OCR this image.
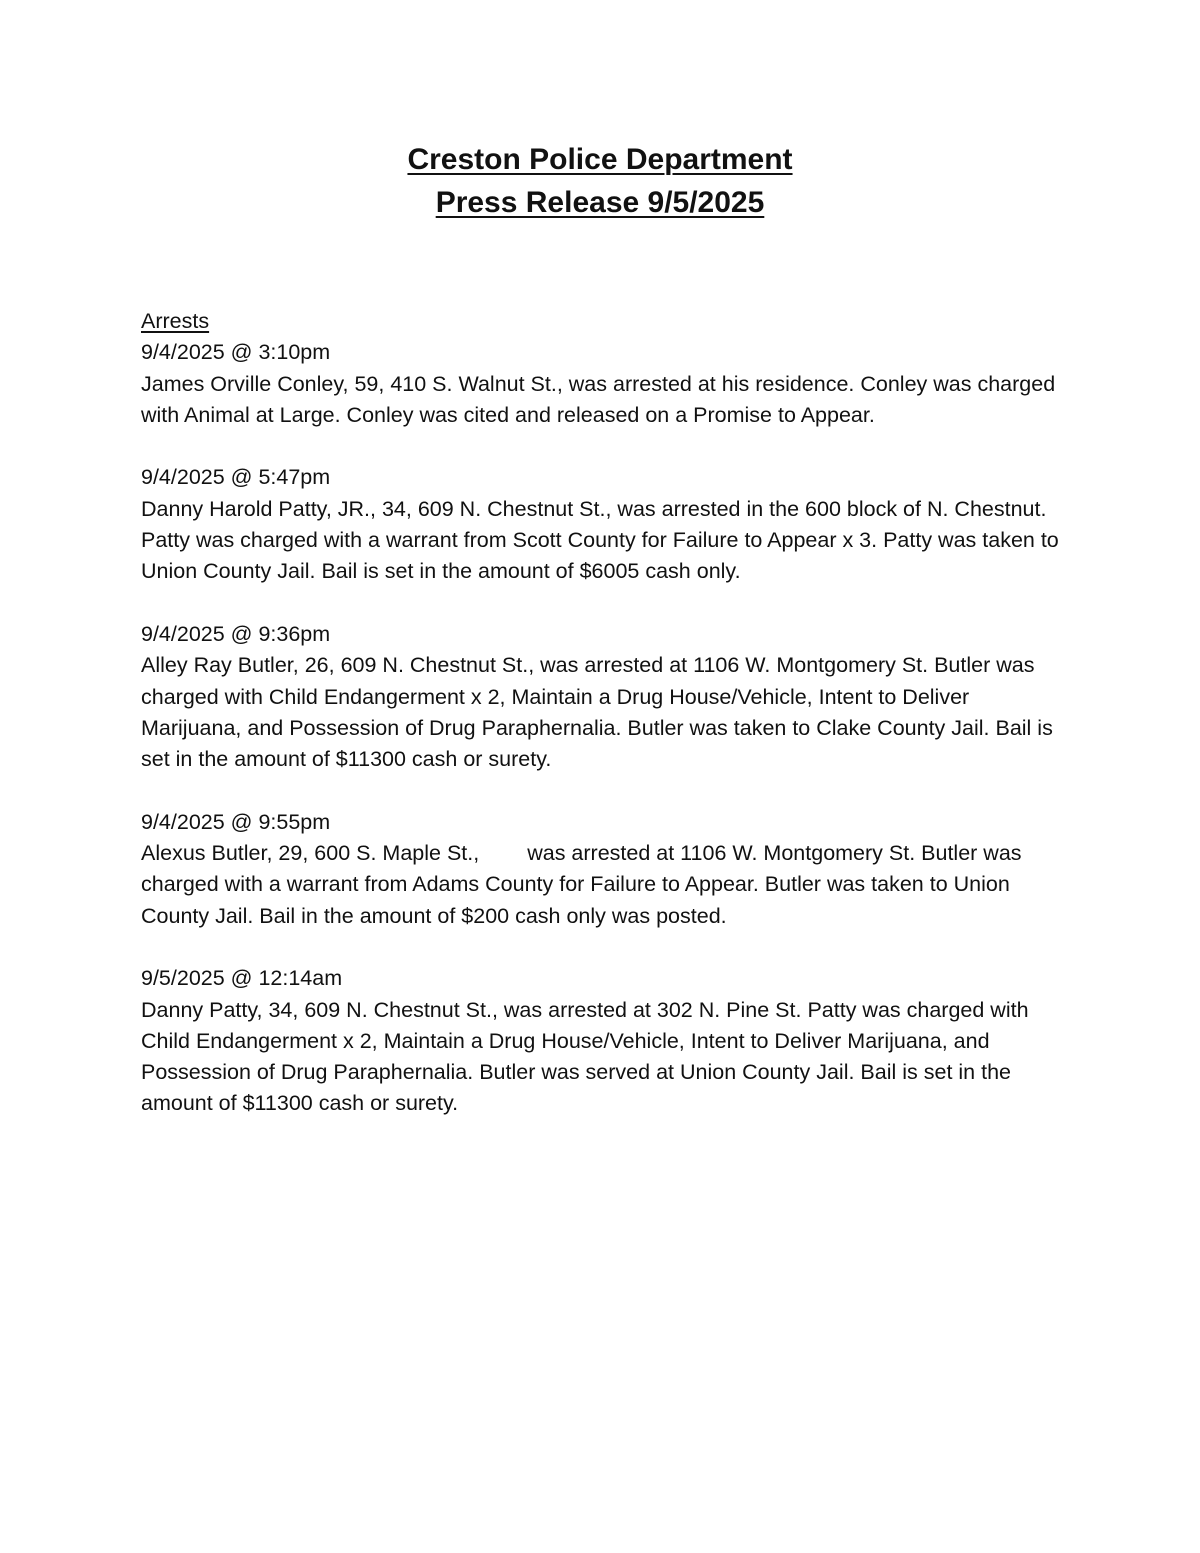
Creston Police Department
Press Release 9/5/2025
Arrests

9/4/2025 @ 3:10pm

James Orville Conley, 59, 410 S. Walnut St., was arrested at his residence. Conley was charged with Animal at Large. Conley was cited and released on a Promise to Appear.

9/4/2025 @ 5:47pm

Danny Harold Patty, JR., 34, 609 N. Chestnut St., was arrested in the 600 block of N. Chestnut. Patty was charged with a warrant from Scott County for Failure to Appear x 3. Patty was taken to Union County Jail. Bail is set in the amount of $6005 cash only.

9/4/2025 @ 9:36pm

Alley Ray Butler, 26, 609 N. Chestnut St., was arrested at 1106 W. Montgomery St. Butler was charged with Child Endangerment x 2, Maintain a Drug House/Vehicle, Intent to Deliver Marijuana, and Possession of Drug Paraphernalia. Butler was taken to Clake County Jail. Bail is set in the amount of $11300 cash or surety.

9/4/2025 @ 9:55pm

Alexus Butler, 29, 600 S. Maple St., was arrested at 1106 W. Montgomery St. Butler was charged with a warrant from Adams County for Failure to Appear. Butler was taken to Union County Jail. Bail in the amount of $200 cash only was posted.

9/5/2025 @ 12:14am

Danny Patty, 34, 609 N. Chestnut St., was arrested at 302 N. Pine St. Patty was charged with Child Endangerment x 2, Maintain a Drug House/Vehicle, Intent to Deliver Marijuana, and Possession of Drug Paraphernalia. Butler was served at Union County Jail. Bail is set in the amount of $11300 cash or surety.
